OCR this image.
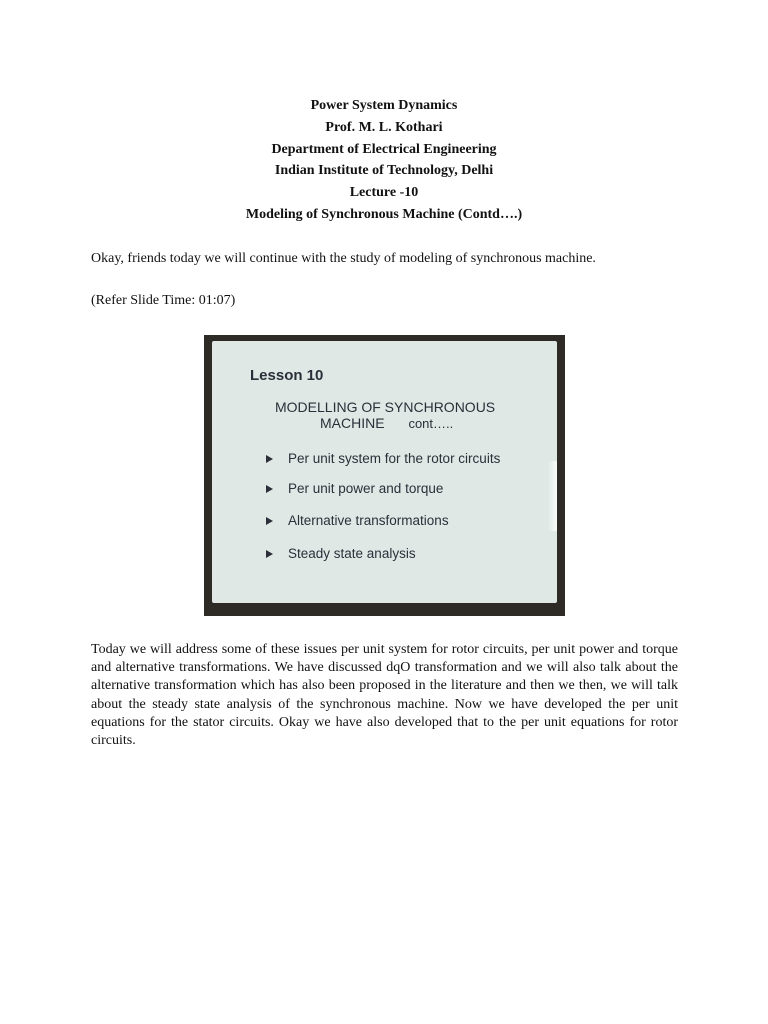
Power System Dynamics
Prof. M. L. Kothari
Department of Electrical Engineering
Indian Institute of Technology, Delhi
Lecture -10
Modeling of Synchronous Machine (Contd….)

Okay, friends today we will continue with the study of modeling of synchronous machine.

(Refer Slide Time: 01:07)

Lesson 10
MODELLING OF SYNCHRONOUS
MACHINE cont…..
Per unit system for the rotor circuits
Per unit power and torque
Alternative transformations
Steady state analysis

Today we will address some of these issues per unit system for rotor circuits, per unit power and torque and alternative transformations. We have discussed dqO transformation and we will also talk about the alternative transformation which has also been proposed in the literature and then we then, we will talk about the steady state analysis of the synchronous machine. Now we have developed the per unit equations for the stator circuits. Okay we have also developed that to the per unit equations for rotor circuits.
